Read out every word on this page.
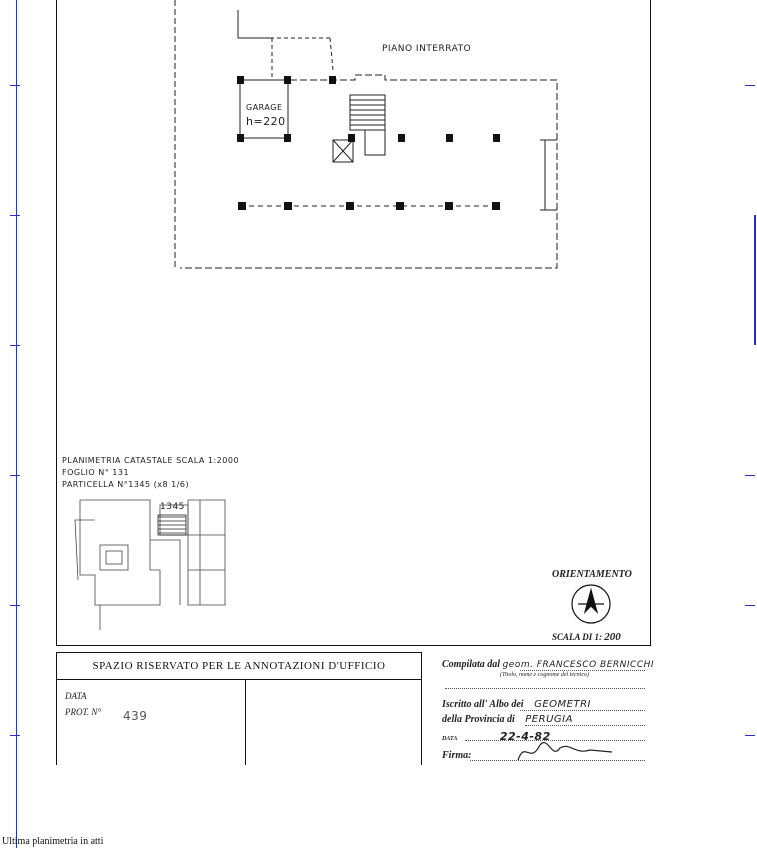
PIANO INTERRATO
GARAGE
h=220
PLANIMETRIA CATASTALE SCALA 1:2000
FOGLIO N° 131
PARTICELLA N°1345 (x8 1/6)
1345
ORIENTAMENTO
SCALA DI 1: 200
SPAZIO RISERVATO PER LE ANNOTAZIONI D'UFFICIO
DATA
PROT. N° 439
Compilata dal geom. FRANCESCO BERNICCHI
(Titolo, nome e cognome del tecnico)
Iscritto all' Albo dei GEOMETRI
della Provincia di PERUGIA
DATA	22-4-82
Firma:
Ultima planimetria in atti
